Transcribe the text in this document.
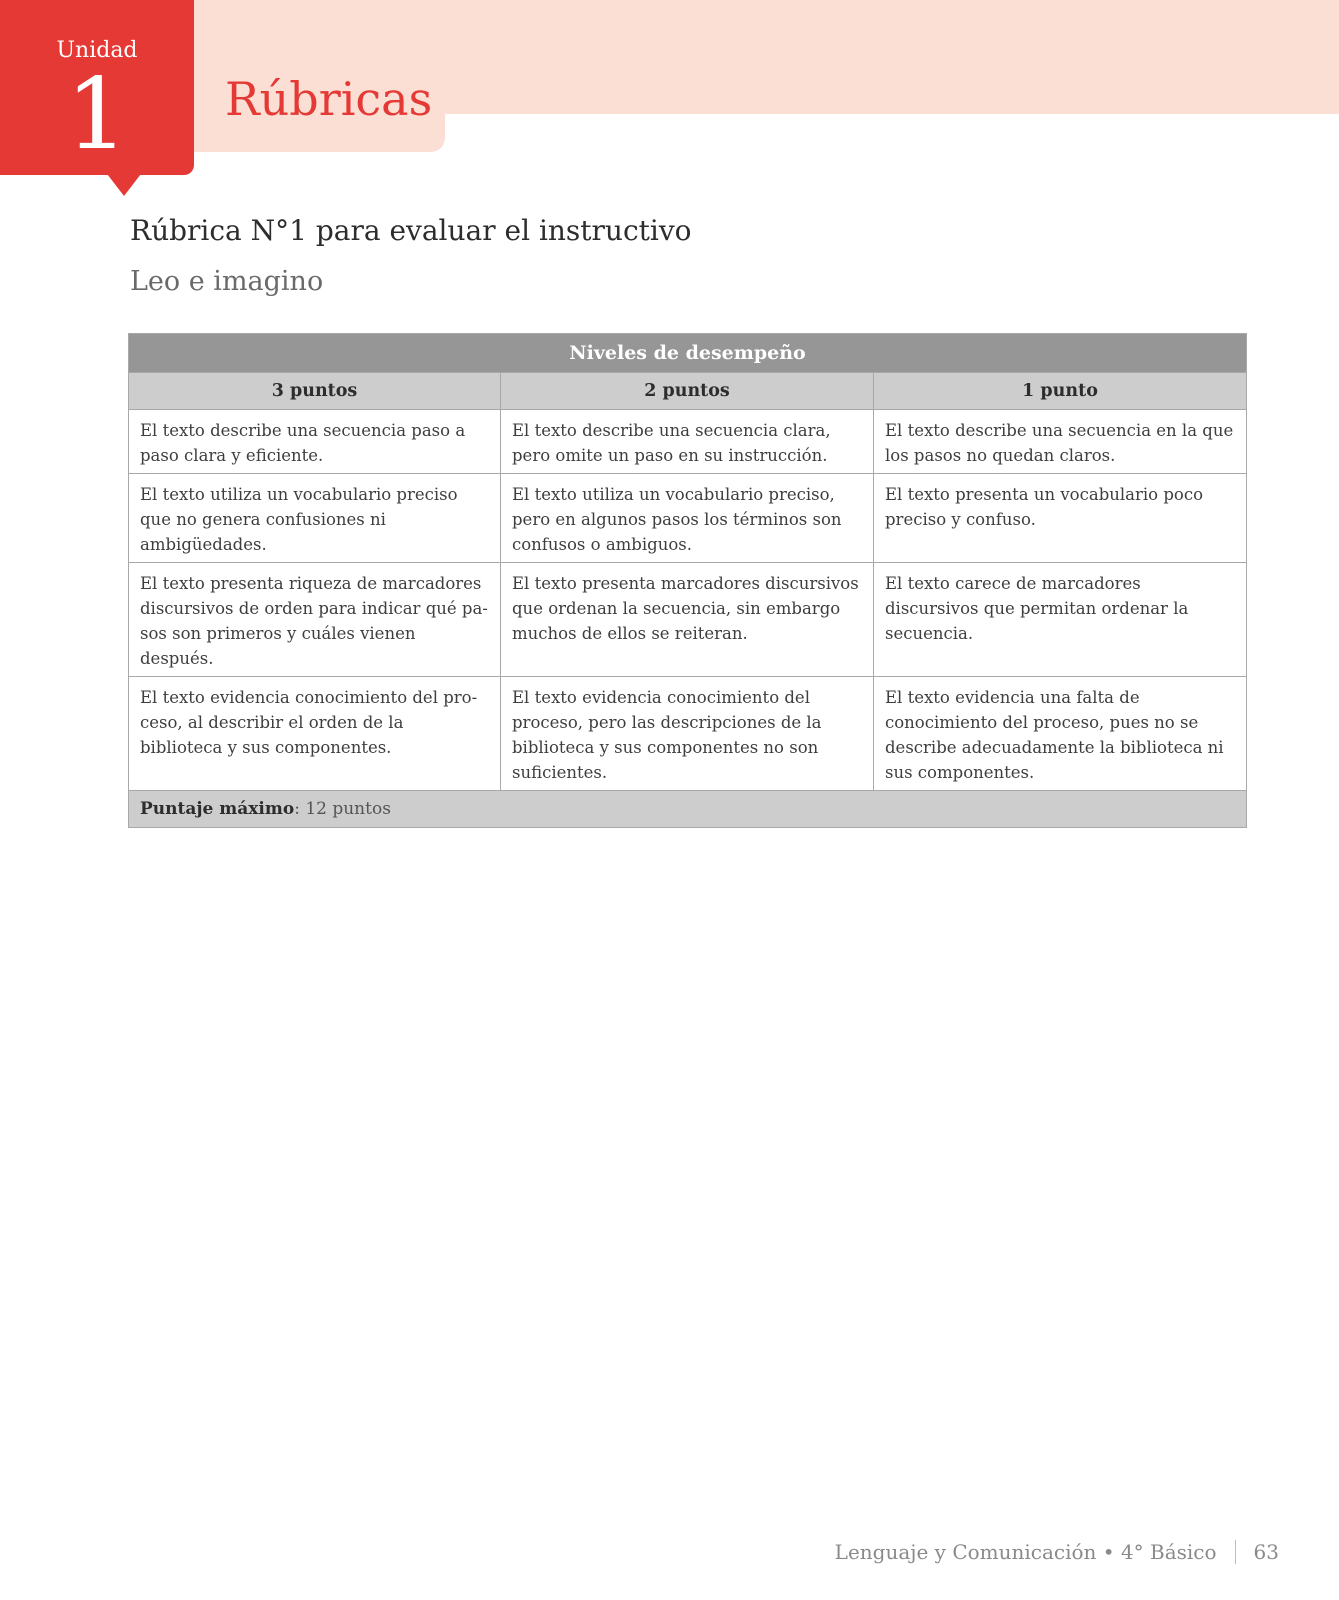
Unidad
1	Rúbricas
Rúbrica N°1 para evaluar el instructivo
Leo e imagino
Niveles de desempeño		
3 puntos	2 puntos	1 punto
El texto describe una secuencia paso a paso clara y eficiente.	El texto describe una secuencia clara, pero omite un paso en su instrucción.	El texto describe una secuencia en la que los pasos no quedan claros.
El texto utiliza un vocabulario preciso que no genera confusiones ni ambigüedades.	El texto utiliza un vocabulario preciso, pero en algunos pasos los términos son confusos o ambiguos.	El texto presenta un vocabulario poco preciso y confuso.
El texto presenta riqueza de marcadores discursivos de orden para indicar qué pasos son primeros y cuáles vienen después.	El texto presenta marcadores discursivos que ordenan la secuencia, sin embargo muchos de ellos se reiteran.	El texto carece de marcadores discursivos que permitan ordenar la secuencia.
El texto evidencia conocimiento del proceso, al describir el orden de la biblioteca y sus componentes.	El texto evidencia conocimiento del proceso, pero las descripciones de la biblioteca y sus componentes no son suficientes.	El texto evidencia una falta de conocimiento del proceso, pues no se describe adecuadamente la biblioteca ni sus componentes.
Puntaje máximo: 12 puntos		
Lenguaje y Comunicación • 4° Básico 63
